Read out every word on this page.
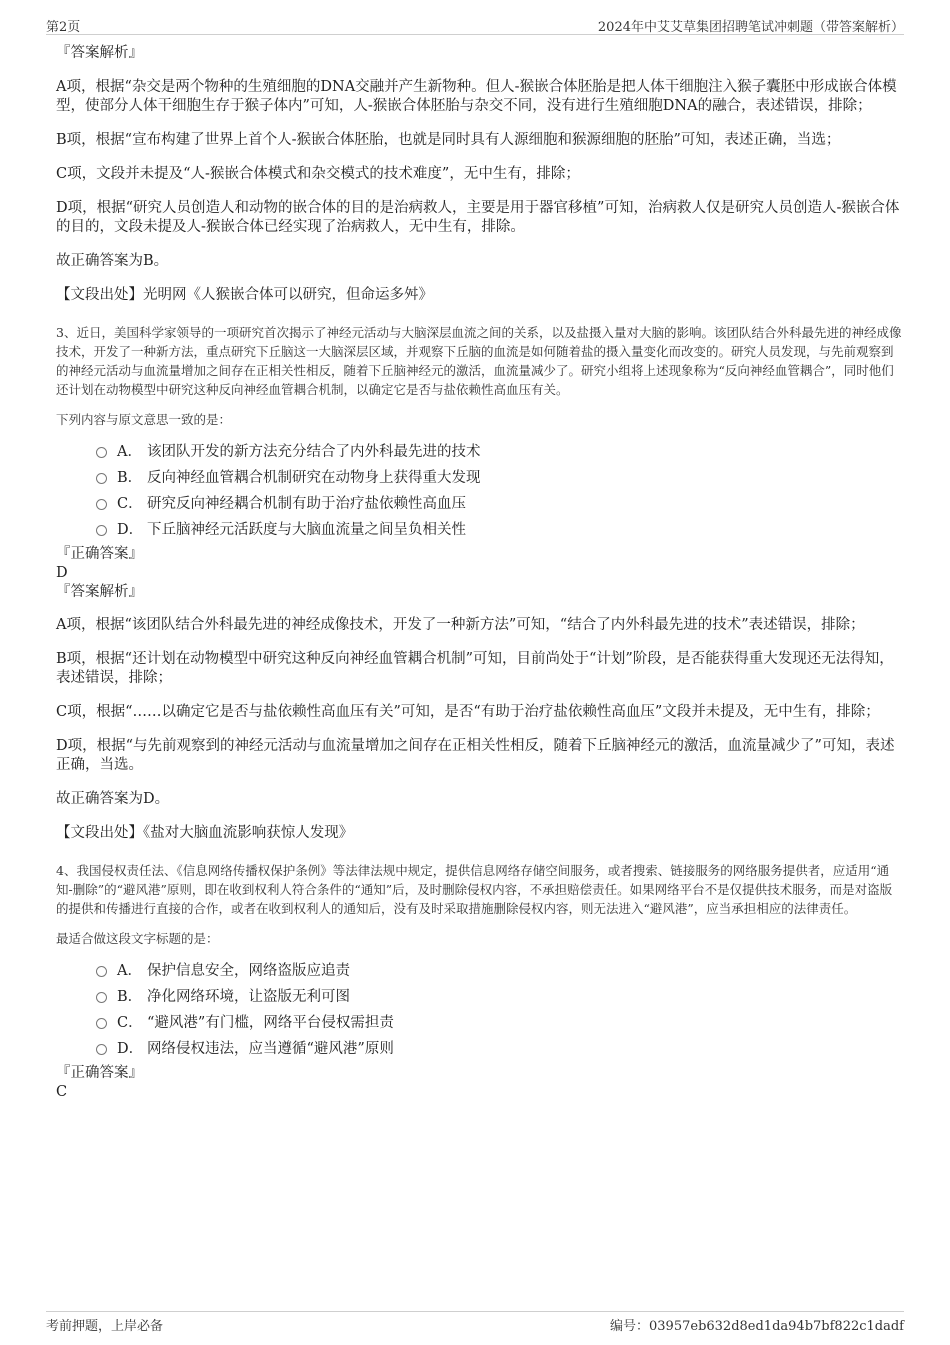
第2页	2024年中艾艾草集团招聘笔试冲刺题（带答案解析）

『答案解析』

A项，根据“杂交是两个物种的生殖细胞的DNA交融并产生新物种。但人-猴嵌合体胚胎是把人体干细胞注入猴子囊胚中形成嵌合体模型，使部分人体干细胞生存于猴子体内”可知，人-猴嵌合体胚胎与杂交不同，没有进行生殖细胞DNA的融合，表述错误，排除；

B项，根据“宣布构建了世界上首个人-猴嵌合体胚胎，也就是同时具有人源细胞和猴源细胞的胚胎”可知，表述正确，当选；

C项，文段并未提及“人-猴嵌合体模式和杂交模式的技术难度”，无中生有，排除；

D项，根据“研究人员创造人和动物的嵌合体的目的是治病救人，主要是用于器官移植”可知，治病救人仅是研究人员创造人-猴嵌合体的目的，文段未提及人-猴嵌合体已经实现了治病救人，无中生有，排除。

故正确答案为B。

【文段出处】光明网《人猴嵌合体可以研究，但命运多舛》

3、近日，美国科学家领导的一项研究首次揭示了神经元活动与大脑深层血流之间的关系，以及盐摄入量对大脑的影响。该团队结合外科最先进的神经成像技术，开发了一种新方法，重点研究下丘脑这一大脑深层区域，并观察下丘脑的血流是如何随着盐的摄入量变化而改变的。研究人员发现，与先前观察到的神经元活动与血流量增加之间存在正相关性相反，随着下丘脑神经元的激活，血流量减少了。研究小组将上述现象称为“反向神经血管耦合”，同时他们还计划在动物模型中研究这种反向神经血管耦合机制，以确定它是否与盐依赖性高血压有关。

下列内容与原文意思一致的是：

A． 该团队开发的新方法充分结合了内外科最先进的技术
B． 反向神经血管耦合机制研究在动物身上获得重大发现
C． 研究反向神经耦合机制有助于治疗盐依赖性高血压
D． 下丘脑神经元活跃度与大脑血流量之间呈负相关性

『正确答案』

D

『答案解析』

A项，根据“该团队结合外科最先进的神经成像技术，开发了一种新方法”可知，“结合了内外科最先进的技术”表述错误，排除；

B项，根据“还计划在动物模型中研究这种反向神经血管耦合机制”可知，目前尚处于“计划”阶段，是否能获得重大发现还无法得知，表述错误，排除；

C项，根据“……以确定它是否与盐依赖性高血压有关”可知，是否“有助于治疗盐依赖性高血压”文段并未提及，无中生有，排除；

D项，根据“与先前观察到的神经元活动与血流量增加之间存在正相关性相反，随着下丘脑神经元的激活，血流量减少了”可知，表述正确，当选。

故正确答案为D。

【文段出处】《盐对大脑血流影响获惊人发现》

4、我国侵权责任法、《信息网络传播权保护条例》等法律法规中规定，提供信息网络存储空间服务，或者搜索、链接服务的网络服务提供者，应适用“通知-删除”的“避风港”原则，即在收到权利人符合条件的“通知”后，及时删除侵权内容，不承担赔偿责任。如果网络平台不是仅提供技术服务，而是对盗版的提供和传播进行直接的合作，或者在收到权利人的通知后，没有及时采取措施删除侵权内容，则无法进入“避风港”，应当承担相应的法律责任。

最适合做这段文字标题的是：

A． 保护信息安全，网络盗版应追责
B． 净化网络环境，让盗版无利可图
C． “避风港”有门槛，网络平台侵权需担责
D． 网络侵权违法，应当遵循“避风港”原则

『正确答案』

C

考前押题，上岸必备	编号：03957eb632d8ed1da94b7bf822c1dadf
